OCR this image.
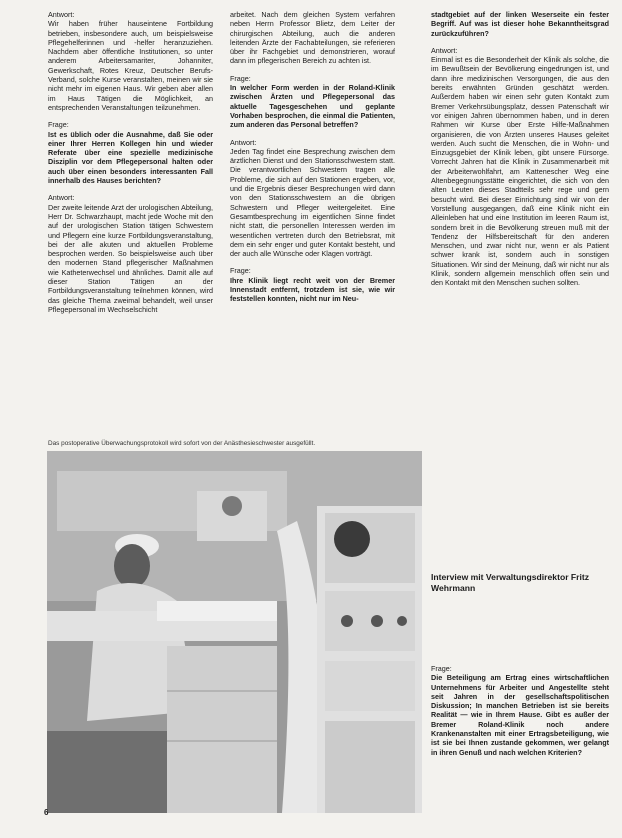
Antwort:
Wir haben früher hauseintene Fortbildung betrieben, insbesondere auch, um beispielsweise Pflegehelferinnen und -helfer heranzuziehen. Nachdem aber öffentliche Institutionen, so unter anderem Arbeitersamariter, Johanniter, Gewerkschaft, Rotes Kreuz, Deutscher Berufs-Verband, solche Kurse veranstalten, meinen wir sie nicht mehr im eigenen Haus. Wir geben aber allen im Haus Tätigen die Möglichkeit, an entsprechenden Veranstaltungen teilzunehmen.

Frage:
Ist es üblich oder die Ausnahme, daß Sie oder einer Ihrer Herren Kollegen hin und wieder Referate über eine spezielle medizinische Disziplin vor dem Pflegepersonal halten oder auch über einen besonders interessanten Fall innerhalb des Hauses berichten?

Antwort:
Der zweite leitende Arzt der urologischen Abteilung, Herr Dr. Schwarzhaupt, macht jede Woche mit den auf der urologischen Station tätigen Schwestern und Pflegern eine kurze Fortbildungsveranstaltung, bei der alle akuten und aktuellen Probleme besprochen werden. So beispielsweise auch über den modernen Stand pflegerischer Maßnahmen wie Katheterwechsel und ähnliches. Damit alle auf dieser Station Tätigen an der Fortbildungsveranstaltung teilnehmen können, wird das gleiche Thema zweimal behandelt, weil unser Pflegepersonal im Wechselschicht

arbeitet. Nach dem gleichen System verfahren neben Herrn Professor Blietz, dem Leiter der chirurgischen Abteilung, auch die anderen leitenden Ärzte der Fachabteilungen, sie referieren über ihr Fachgebiet und demonstrieren, worauf dann im pflegerischen Bereich zu achten ist.

Frage:
In welcher Form werden in der Roland-Klinik zwischen Ärzten und Pflegepersonal das aktuelle Tagesgeschehen und geplante Vorhaben besprochen, die einmal die Patienten, zum anderen das Personal betreffen?

Antwort:
Jeden Tag findet eine Besprechung zwischen dem ärztlichen Dienst und den Stationsschwestern statt. Die verantwortlichen Schwestern tragen alle Probleme, die sich auf den Stationen ergeben, vor, und die Ergebnis dieser Besprechungen wird dann von den Stationsschwestern an die übrigen Schwestern und Pfleger weitergeleitet. Eine Gesamtbesprechung im eigentlichen Sinne findet nicht statt, die personellen Interessen werden im wesentlichen vertreten durch den Betriebsrat, mit dem ein sehr enger und guter Kontakt besteht, und der auch alle Wünsche oder Klagen vorträgt.

Frage:
Ihre Klinik liegt recht weit von der Bremer Innenstadt entfernt, trotzdem ist sie, wie wir feststellen konnten, nicht nur im Neu-

stadtgebiet auf der linken Weserseite ein fester Begriff. Auf was ist dieser hohe Bekanntheitsgrad zurückzuführen?

Antwort:
Einmal ist es die Besonderheit der Klinik als solche, die im Bewußtsein der Bevölkerung eingedrungen ist, und dann ihre medizinischen Versorgungen, die aus den bereits erwähnten Gründen geschätzt werden. Außerdem haben wir einen sehr guten Kontakt zum Bremer Verkehrsübungsplatz, dessen Patenschaft wir vor einigen Jahren übernommen haben, und in deren Rahmen wir Kurse über Erste Hilfe-Maßnahmen organisieren, die von Ärzten unseres Hauses geleitet werden. Auch sucht die Menschen, die in Wohn- und Einzugsgebiet der Klinik leben, gibt unsere Fürsorge. Vorrecht Jahren hat die Klinik in Zusammenarbeit mit der Arbeiterwohlfahrt, am Kattenescher Weg eine Altenbegegnungsstätte eingerichtet, die sich von den alten Leuten dieses Stadtteils sehr rege und gern besucht wird. Bei dieser Einrichtung sind wir von der Vorstellung ausgegangen, daß eine Klinik nicht ein Alleinleben hat und eine Institution im leeren Raum ist, sondern breit in die Bevölkerung streuen muß mit der Tendenz der Hilfsbereitschaft für den anderen Menschen, und zwar nicht nur, wenn er als Patient schwer krank ist, sondern auch in sonstigen Situationen. Wir sind der Meinung, daß wir nicht nur als Klinik, sondern allgemein menschlich offen sein und den Kontakt mit den Menschen suchen sollten.

Das postoperative Überwachungsprotokoll wird sofort von der Anästhesieschwester ausgefüllt.
Interview mit Verwaltungsdirektor Fritz Wehrmann

Frage:
Die Beteiligung am Ertrag eines wirtschaftlichen Unternehmens für Arbeiter und Angestellte steht seit Jahren in der gesellschaftspolitischen Diskussion; In manchen Betrieben ist sie bereits Realität — wie in Ihrem Hause. Gibt es außer der Bremer Roland-Klinik noch andere Krankenanstalten mit einer Ertragsbeteiligung, wie ist sie bei Ihnen zustande gekommen, wer gelangt in ihren Genuß und nach welchen Kriterien?

6
